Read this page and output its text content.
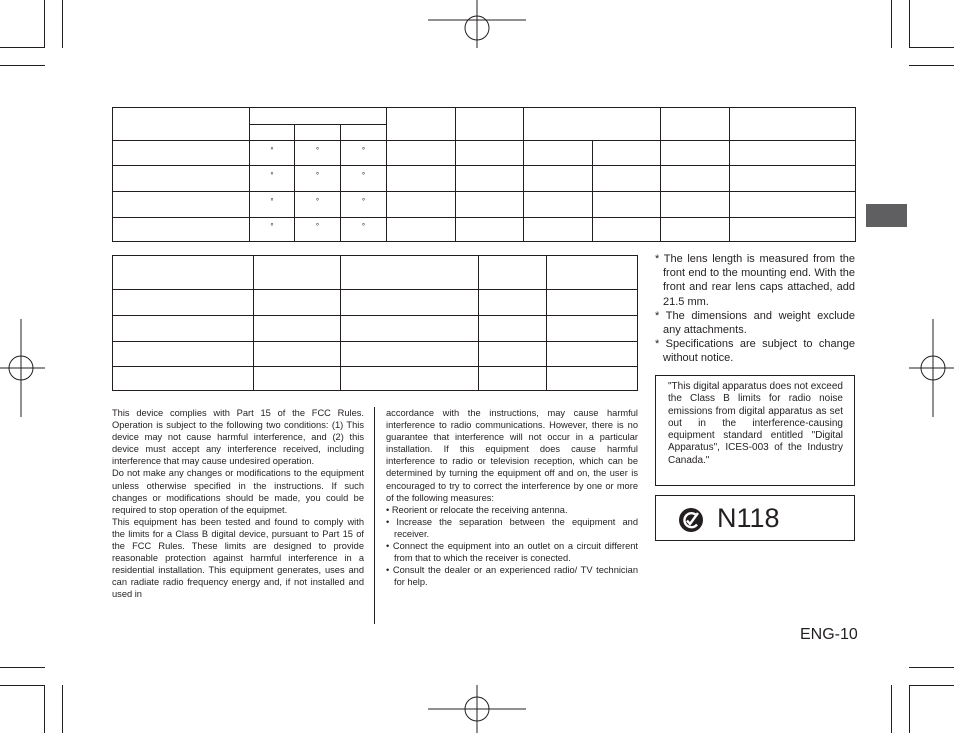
	°	°	°						
	°	°	°						
	°	°	°						
	°	°	°						

* The lens length is measured from the front end to the mounting end. With the front and rear lens caps attached, add 21.5 mm.

* The dimensions and weight exclude any attachments.

* Specifications are subject to change without notice.

This device complies with Part 15 of the FCC Rules. Operation is subject to the following two conditions: (1) This device may not cause harmful interference, and (2) this device must accept any interference received, including interference that may cause undesired operation.

Do not make any changes or modifications to the equipment unless otherwise specified in the instructions. If such changes or modifications should be made, you could be required to stop operation of the equipmet.

This equipment has been tested and found to comply with the limits for a Class B digital device, pursuant to Part 15 of the FCC Rules. These limits are designed to provide reasonable protection against harmful interference in a residential installation. This equipment generates, uses and can radiate radio frequency energy and, if not installed and used in

accordance with the instructions, may cause harmful interference to radio communications. However, there is no guarantee that interference will not occur in a particular installation. If this equipment does cause harmful interference to radio or television reception, which can be determined by turning the equipment off and on, the user is encouraged to try to correct the interference by one or more of the following measures:

• Reorient or relocate the receiving antenna.

• Increase the separation between the equipment and receiver.

• Connect the equipment into an outlet on a circuit different from that to which the receiver is conected.

• Consult the dealer or an experienced radio/ TV technician for help.

"This digital apparatus does not exceed the Class B limits for radio noise emissions from digital apparatus as set out in the interference-causing equipment standard entitled "Digital Apparatus", ICES-003 of the Industry Canada."
N118
ENG-10
